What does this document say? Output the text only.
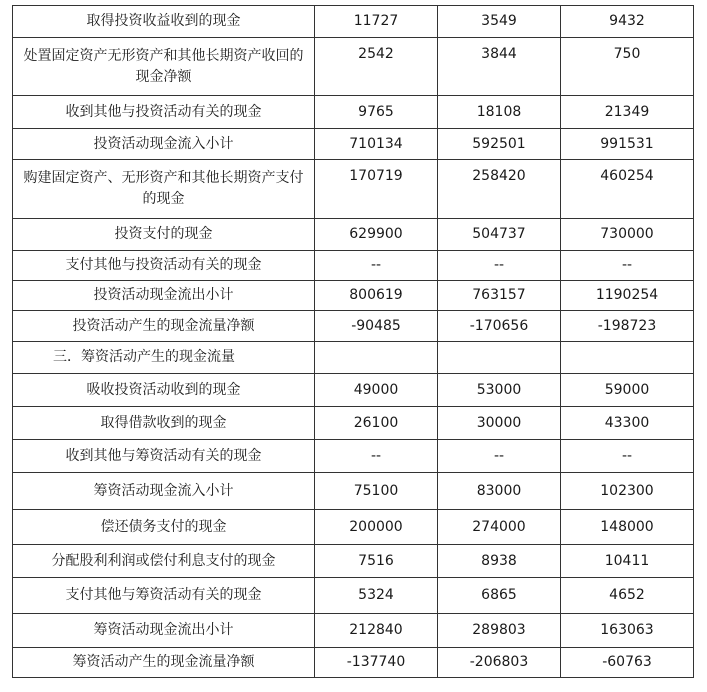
取得投资收益收到的现金	11727	3549	9432
处置固定资产无形资产和其他长期资产收回的现金净额	2542	3844	750
收到其他与投资活动有关的现金	9765	18108	21349
投资活动现金流入小计	710134	592501	991531
购建固定资产、无形资产和其他长期资产支付的现金	170719	258420	460254
投资支付的现金	629900	504737	730000
支付其他与投资活动有关的现金	--	--	--
投资活动现金流出小计	800619	763157	1190254
投资活动产生的现金流量净额	-90485	-170656	-198723
三．筹资活动产生的现金流量			
吸收投资活动收到的现金	49000	53000	59000
取得借款收到的现金	26100	30000	43300
收到其他与筹资活动有关的现金	--	--	--
筹资活动现金流入小计	75100	83000	102300
偿还债务支付的现金	200000	274000	148000
分配股利利润或偿付利息支付的现金	7516	8938	10411
支付其他与筹资活动有关的现金	5324	6865	4652
筹资活动现金流出小计	212840	289803	163063
筹资活动产生的现金流量净额	-137740	-206803	-60763
